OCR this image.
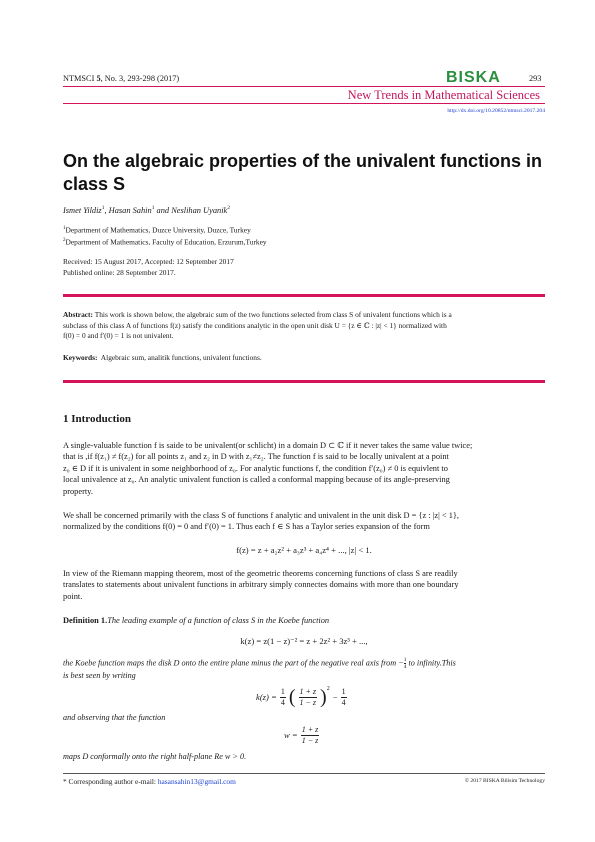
NTMSCI 5, No. 3, 293-298 (2017)	BISKA	293
New Trends in Mathematical Sciences
http://dx.doi.org/10.20852/ntmsci.2017.204
On the algebraic properties of the univalent functions in class S
Ismet Yildiz$^1$, Hasan Sahin$^1$ and Neslihan Uyanik$^2$
$^1$Department of Mathematics, Duzce University, Duzce, Turkey
$^2$Department of Mathematics, Faculty of Education, Erzurum,Turkey
Received: 15 August 2017, Accepted: 12 September 2017
Published online: 28 September 2017.
Abstract: This work is shown below, the algebraic sum of the two functions selected from class S of univalent functions which is a
subclass of this class A of functions f(z) satisfy the conditions analytic in the open unit disk U = {z ∈ ℂ : |z| < 1} normalized with
f(0) = 0 and f′(0) = 1 is not univalent.
Keywords: Algebraic sum, analitik functions, univalent functions.
1 Introduction
A single-valuable function f is saide to be univalent(or schlicht) in a domain D ⊂ ℂ if it never takes the same value twice;
that is ,if f(z₁) ≠ f(z₂) for all points z₁ and z₂ in D with z₁≠z₂. The function f is said to be locally univalent at a point
z₀ ∈ D if it is univalent in some neighborhood of z₀. For analytic functions f, the condition f′(z₀) ≠ 0 is equivlent to
local univalence at z₀. An analytic univalent function is called a conformal mapping because of its angle-preserving
property.
We shall be concerned primarily with the class S of functions f analytic and univalent in the unit disk D = {z : |z| < 1},
normalized by the conditions f(0) = 0 and f′(0) = 1. Thus each f ∈ S has a Taylor series expansion of the form
f(z) = z + a₂z² + a₃z³ + a₄z⁴ + ..., |z| < 1.
In view of the Riemann mapping theorem, most of the geometric theorems concerning functions of class S are readily
translates to statements about univalent functions in arbitrary simply connectes domains with more than one boundary
point.
Definition 1.The leading example of a function of class S in the Koebe function
k(z) = z(1 − z)⁻² = z + 2z² + 3z³ + ...,
the Koebe function maps the disk D onto the entire plane minus the part of the negative real axis from − $\frac{1}{4}$ to infinity.This
is best seen by writing
$k(z) = \frac{1}{4}$ ( 1 + z
1 − z )$^2$
− $\frac{1}{4}$
and observing that the function
$w = \frac{1 + z}{1 - z}$
maps D conformally onto the right half-plane Re w > 0.
* Corresponding author e-mail: hasansahin13@gmail.com	© 2017 BISKA Bilisim Technology
